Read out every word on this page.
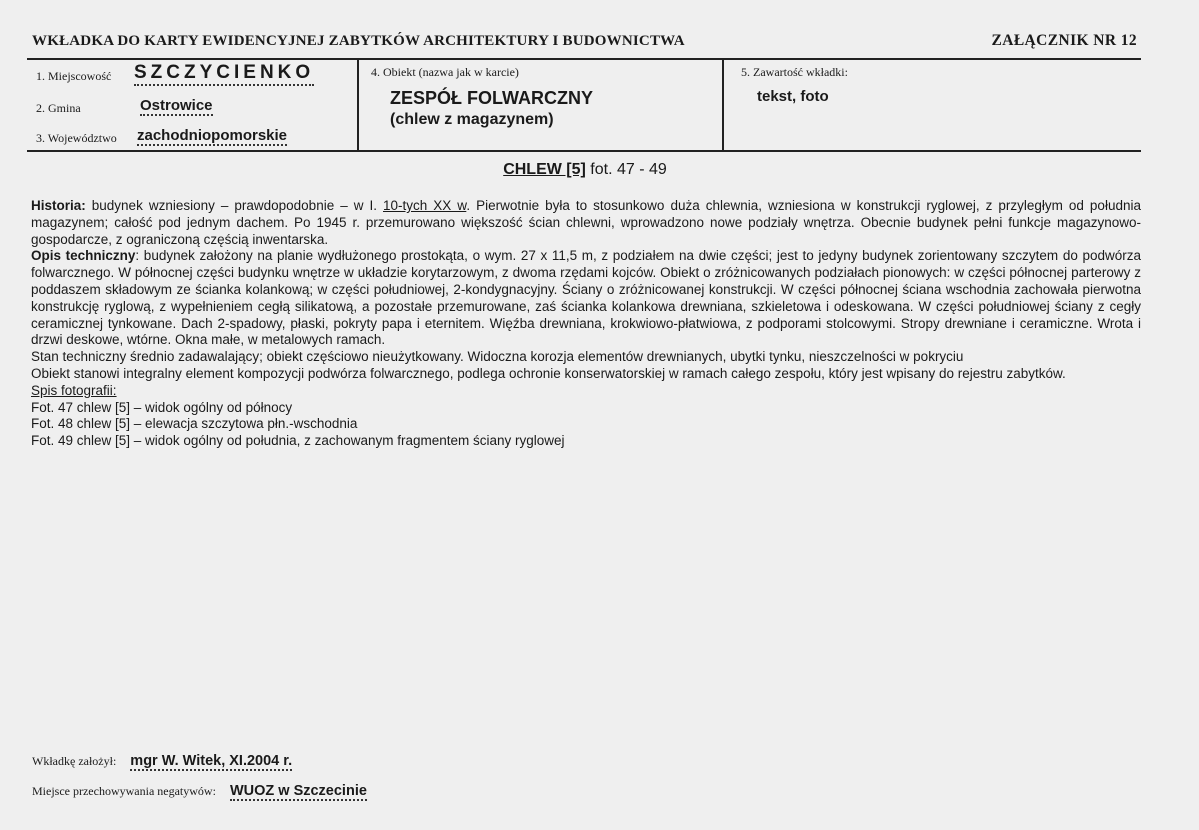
WKŁADKA DO KARTY EWIDENCYJNEJ ZABYTKÓW ARCHITEKTURY I BUDOWNICTWA	ZAŁĄCZNIK NR 12
1. Miejscowość SZCZYCIENKO
2. Gmina	Ostrowice
3. Województwo zachodniopomorskie
4. Obiekt (nazwa jak w karcie)
ZESPÓŁ FOLWARCZNY
(chlew z magazynem)
5. Zawartość wkładki:
tekst, foto
CHLEW [5] fot. 47 - 49

Historia: budynek wzniesiony – prawdopodobnie – w I. 10-tych XX w. Pierwotnie była to stosunkowo duża chlewnia, wzniesiona w konstrukcji ryglowej, z przyległym od południa magazynem; całość pod jednym dachem. Po 1945 r. przemurowano większość ścian chlewni, wprowadzono nowe podziały wnętrza. Obecnie budynek pełni funkcje magazynowo-gospodarcze, z ograniczoną częścią inwentarska.

Opis techniczny: budynek założony na planie wydłużonego prostokąta, o wym. 27 x 11,5 m, z podziałem na dwie części; jest to jedyny budynek zorientowany szczytem do podwórza folwarcznego. W północnej części budynku wnętrze w układzie korytarzowym, z dwoma rzędami kojców. Obiekt o zróżnicowanych podziałach pionowych: w części północnej parterowy z poddaszem składowym ze ścianka kolankową; w części południowej, 2-kondygnacyjny. Ściany o zróżnicowanej konstrukcji. W części północnej ściana wschodnia zachowała pierwotna konstrukcję ryglową, z wypełnieniem cegłą silikatową, a pozostałe przemurowane, zaś ścianka kolankowa drewniana, szkieletowa i odeskowana. W części południowej ściany z cegły ceramicznej tynkowane. Dach 2-spadowy, płaski, pokryty papa i eternitem. Więźba drewniana, krokwiowo-płatwiowa, z podporami stolcowymi. Stropy drewniane i ceramiczne. Wrota i drzwi deskowe, wtórne. Okna małe, w metalowych ramach.

Stan techniczny średnio zadawalający; obiekt częściowo nieużytkowany. Widoczna korozja elementów drewnianych, ubytki tynku, nieszczelności w pokryciu

Obiekt stanowi integralny element kompozycji podwórza folwarcznego, podlega ochronie konserwatorskiej w ramach całego zespołu, który jest wpisany do rejestru zabytków.

Spis fotografii:

Fot. 47 chlew [5] – widok ogólny od północy

Fot. 48 chlew [5] – elewacja szczytowa płn.-wschodnia

Fot. 49 chlew [5] – widok ogólny od południa, z zachowanym fragmentem ściany ryglowej

Wkładkę założył: mgr W. Witek, XI.2004 r.
Miejsce przechowywania negatywów: WUOZ w Szczecinie
